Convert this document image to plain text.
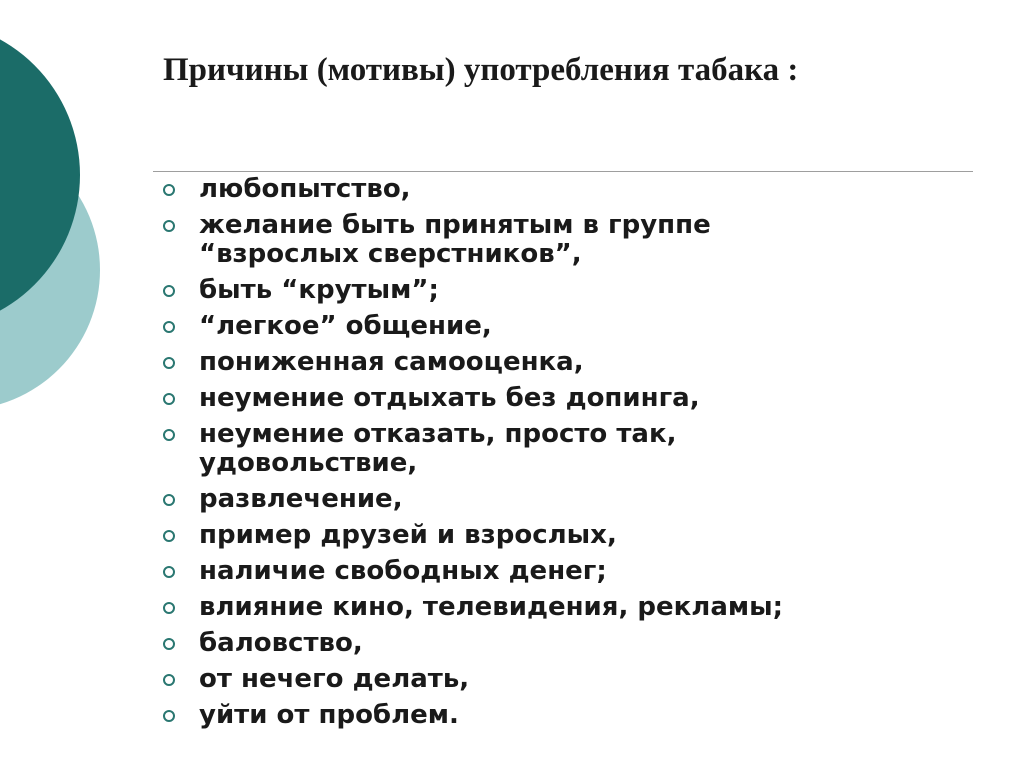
Причины (мотивы) употребления табака :
любопытство,
желание быть принятым в группе
“взрослых сверстников”,
быть “крутым”;
“легкое” общение,
пониженная самооценка,
неумение отдыхать без допинга,
неумение отказать, просто так,
удовольствие,
развлечение,
пример друзей и взрослых,
наличие свободных денег;
влияние кино, телевидения, рекламы;
баловство,
от нечего делать,
уйти от проблем.
